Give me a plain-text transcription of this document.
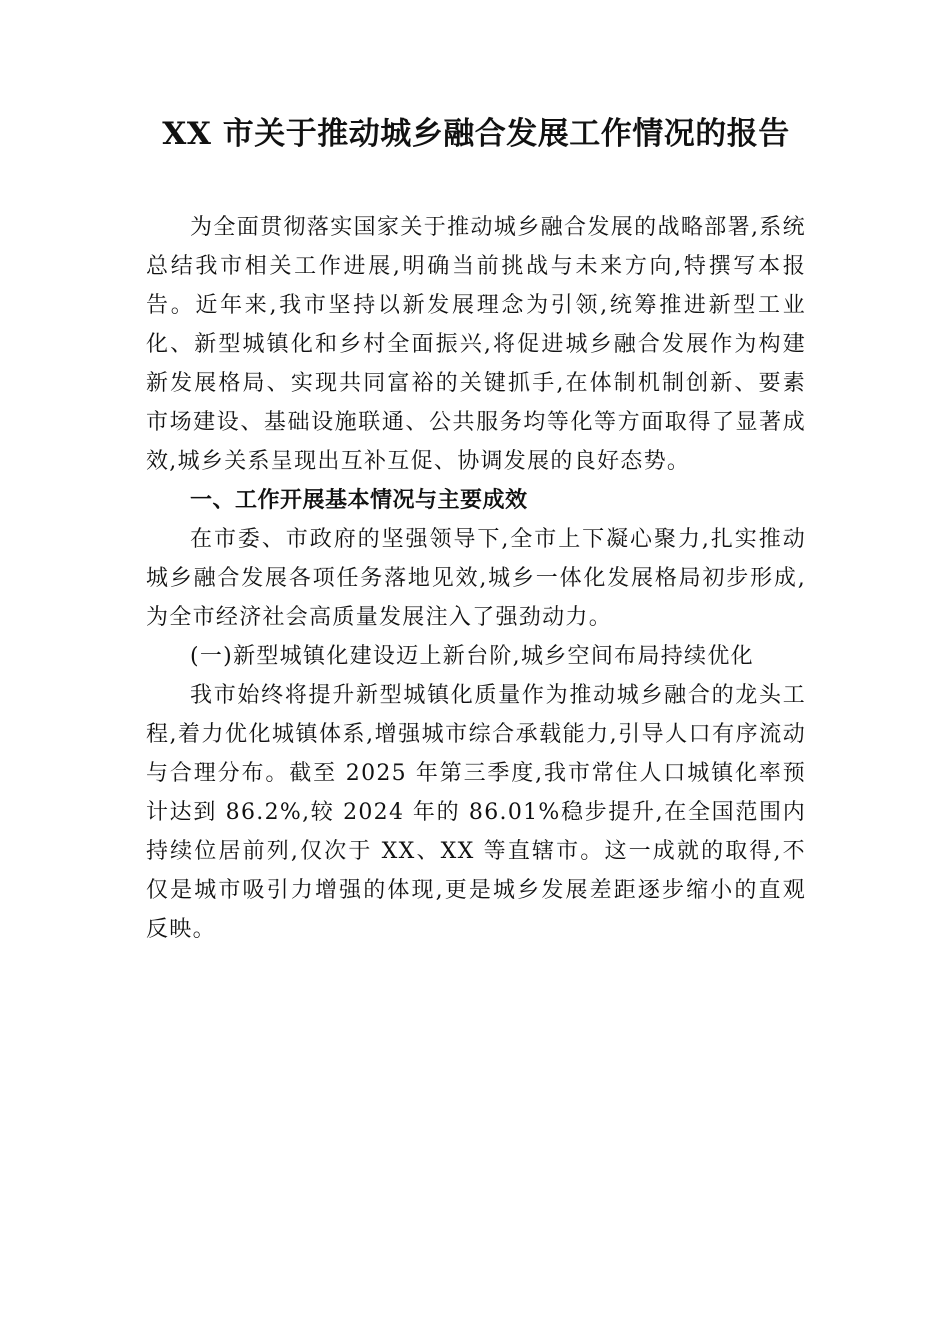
XX 市关于推动城乡融合发展工作情况的报告

为全面贯彻落实国家关于推动城乡融合发展的战略部署,系统总结我市相关工作进展,明确当前挑战与未来方向,特撰写本报告。近年来,我市坚持以新发展理念为引领,统筹推进新型工业化、新型城镇化和乡村全面振兴,将促进城乡融合发展作为构建新发展格局、实现共同富裕的关键抓手,在体制机制创新、要素市场建设、基础设施联通、公共服务均等化等方面取得了显著成效,城乡关系呈现出互补互促、协调发展的良好态势。

一、工作开展基本情况与主要成效

在市委、市政府的坚强领导下,全市上下凝心聚力,扎实推动城乡融合发展各项任务落地见效,城乡一体化发展格局初步形成,为全市经济社会高质量发展注入了强劲动力。

(一)新型城镇化建设迈上新台阶,城乡空间布局持续优化

我市始终将提升新型城镇化质量作为推动城乡融合的龙头工程,着力优化城镇体系,增强城市综合承载能力,引导人口有序流动与合理分布。截至 2025 年第三季度,我市常住人口城镇化率预计达到 86.2%,较 2024 年的 86.01%稳步提升,在全国范围内持续位居前列,仅次于 XX、XX 等直辖市。这一成就的取得,不仅是城市吸引力增强的体现,更是城乡发展差距逐步缩小的直观反映。
